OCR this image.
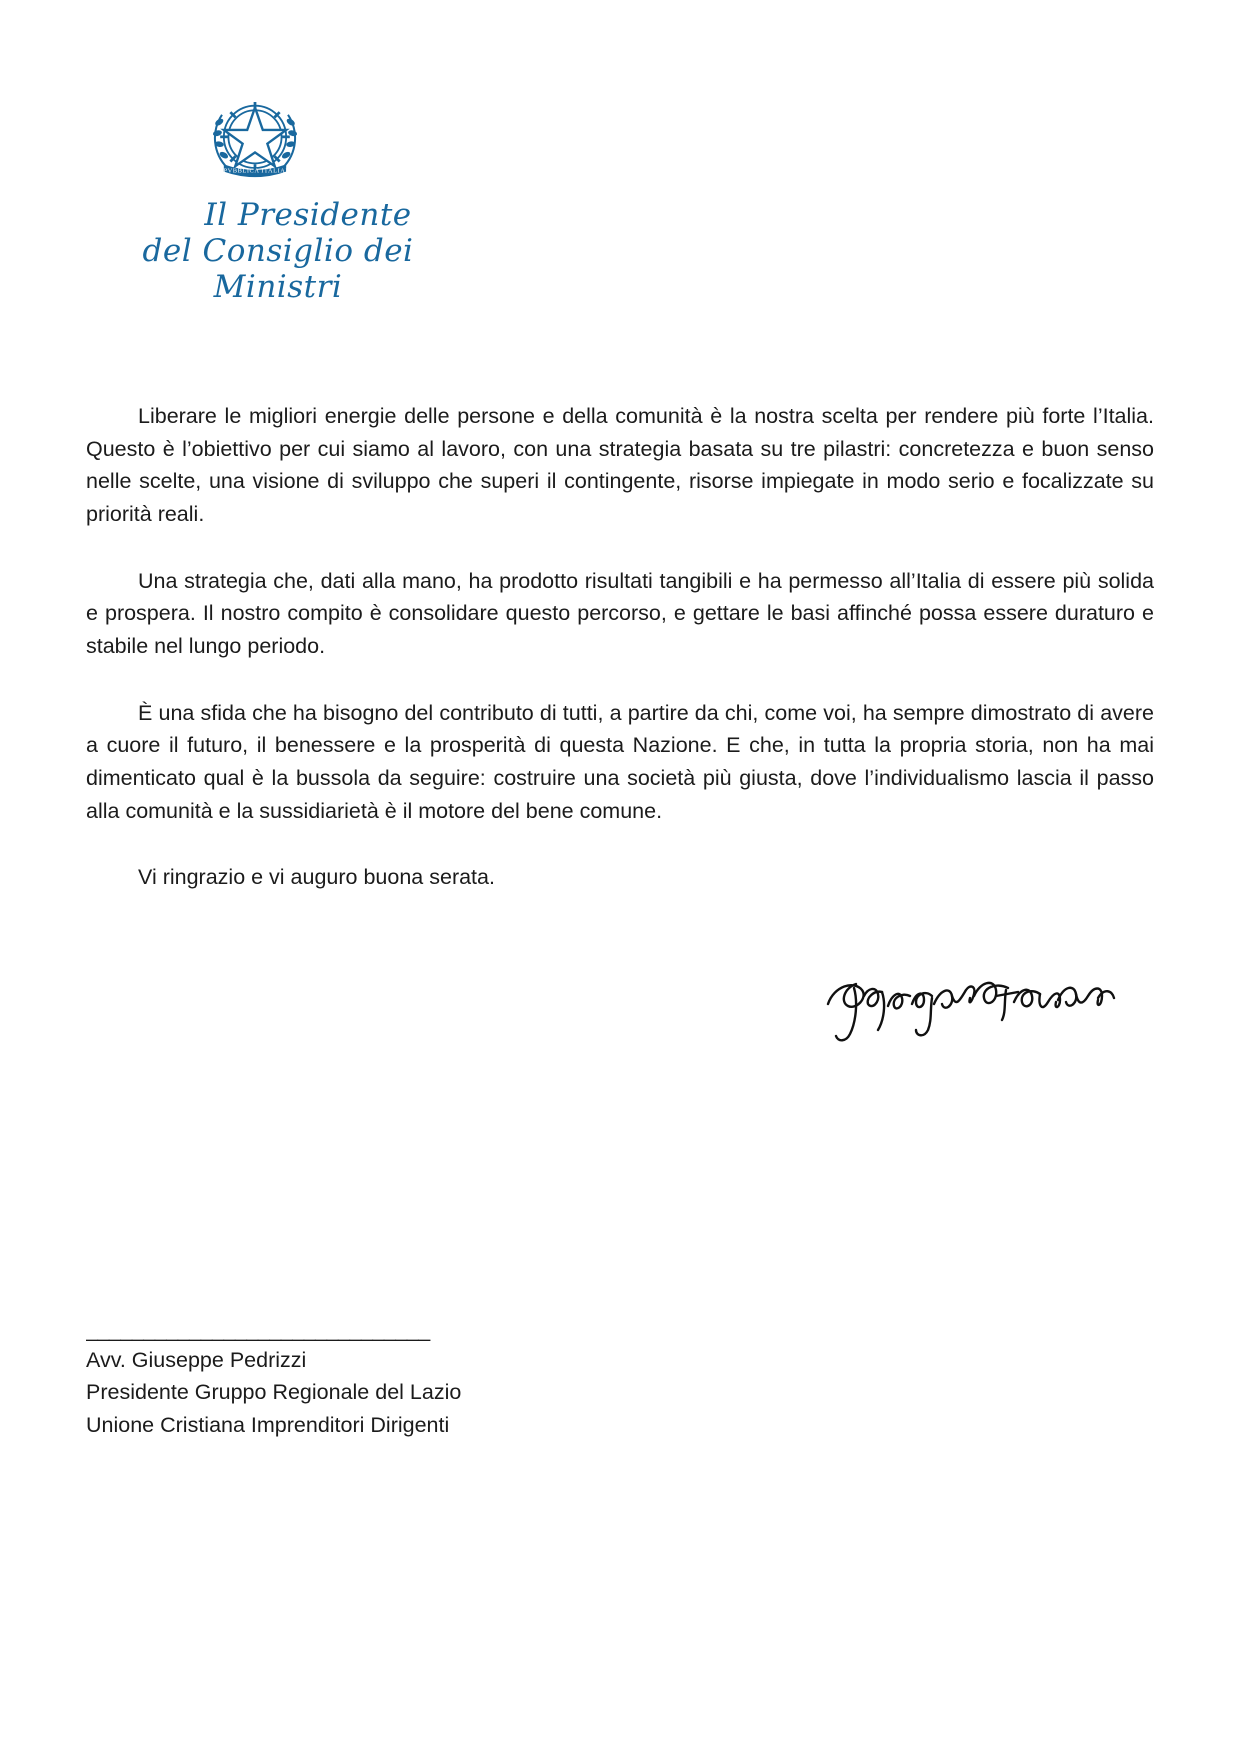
REPVBBLICA ITALIANA
Il Presidente
del Consiglio dei Ministri

Liberare le migliori energie delle persone e della comunità è la nostra scelta per rendere più forte l’Italia. Questo è l’obiettivo per cui siamo al lavoro, con una strategia basata su tre pilastri: concretezza e buon senso nelle scelte, una visione di sviluppo che superi il contingente, risorse impiegate in modo serio e focalizzate su priorità reali.

Una strategia che, dati alla mano, ha prodotto risultati tangibili e ha permesso all’Italia di essere più solida e prospera. Il nostro compito è consolidare questo percorso, e gettare le basi affinché possa essere duraturo e stabile nel lungo periodo.

È una sfida che ha bisogno del contributo di tutti, a partire da chi, come voi, ha sempre dimostrato di avere a cuore il futuro, il benessere e la prosperità di questa Nazione. E che, in tutta la propria storia, non ha mai dimenticato qual è la bussola da seguire: costruire una società più giusta, dove l’individualismo lascia il passo alla comunità e la sussidiarietà è il motore del bene comune.

Vi ringrazio e vi auguro buona serata.

______________________________
Avv. Giuseppe Pedrizzi
Presidente Gruppo Regionale del Lazio
Unione Cristiana Imprenditori Dirigenti
